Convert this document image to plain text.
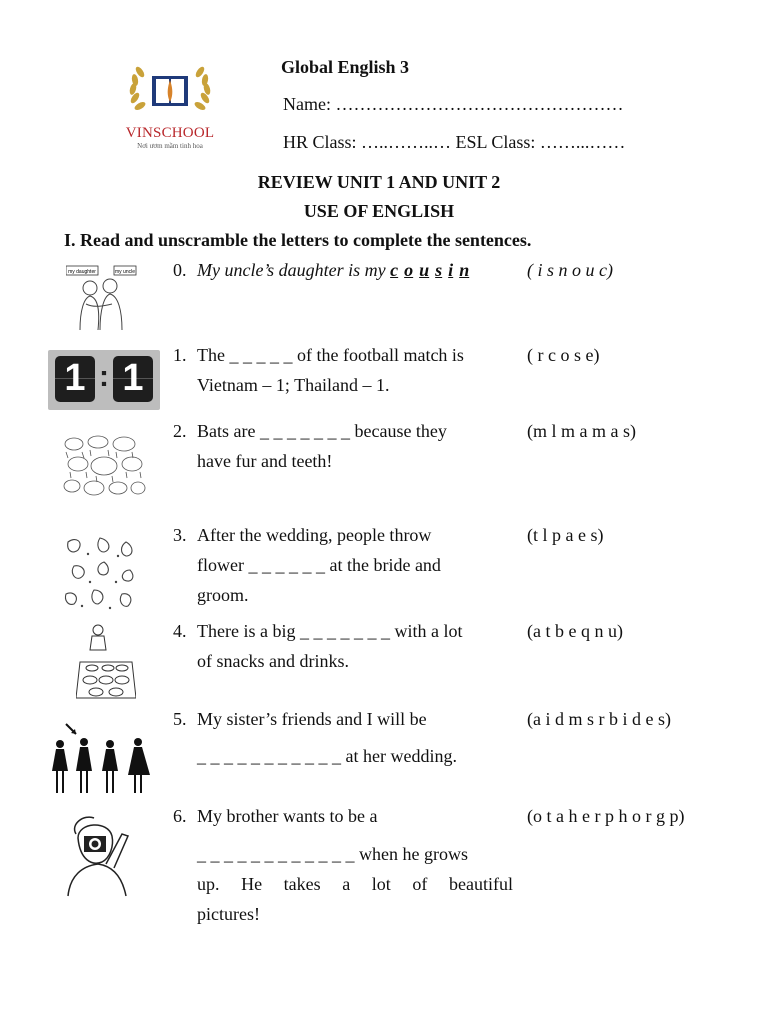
VINSCHOOL
Nơi ươm mầm tinh hoa
Global English 3
Name: …………………………………………
HR Class: …..……..… ESL Class: ……...……
REVIEW UNIT 1 AND UNIT 2
USE OF ENGLISH
I. Read and unscramble the letters to complete the sentences.
my daughter	my uncle 0. My uncle’s daughter is my c o u s i n	( i s n o u c)
1 : 1
1. The _ _ _ _ _ of the football match is
Vietnam – 1; Thailand – 1.
( r c o s e)
2. Bats are _ _ _ _ _ _ _ because they
have fur and teeth!
(m l m a m a s)
3. After the wedding, people throw
flower _ _ _ _ _ _ at the bride and
groom.
(t l p a e s)
4. There is a big _ _ _ _ _ _ _ with a lot
of snacks and drinks.
(a t b e q n u)
5. My sister’s friends and I will be
_ _ _ _ _ _ _ _ _ _ _ at her wedding.
(a i d m s r b i d e s)
6. My brother wants to be a
_ _ _ _ _ _ _ _ _ _ _ _ when he grows
up. He takes a lot of beautiful
pictures!
(o t a h e r p h o r g p)
